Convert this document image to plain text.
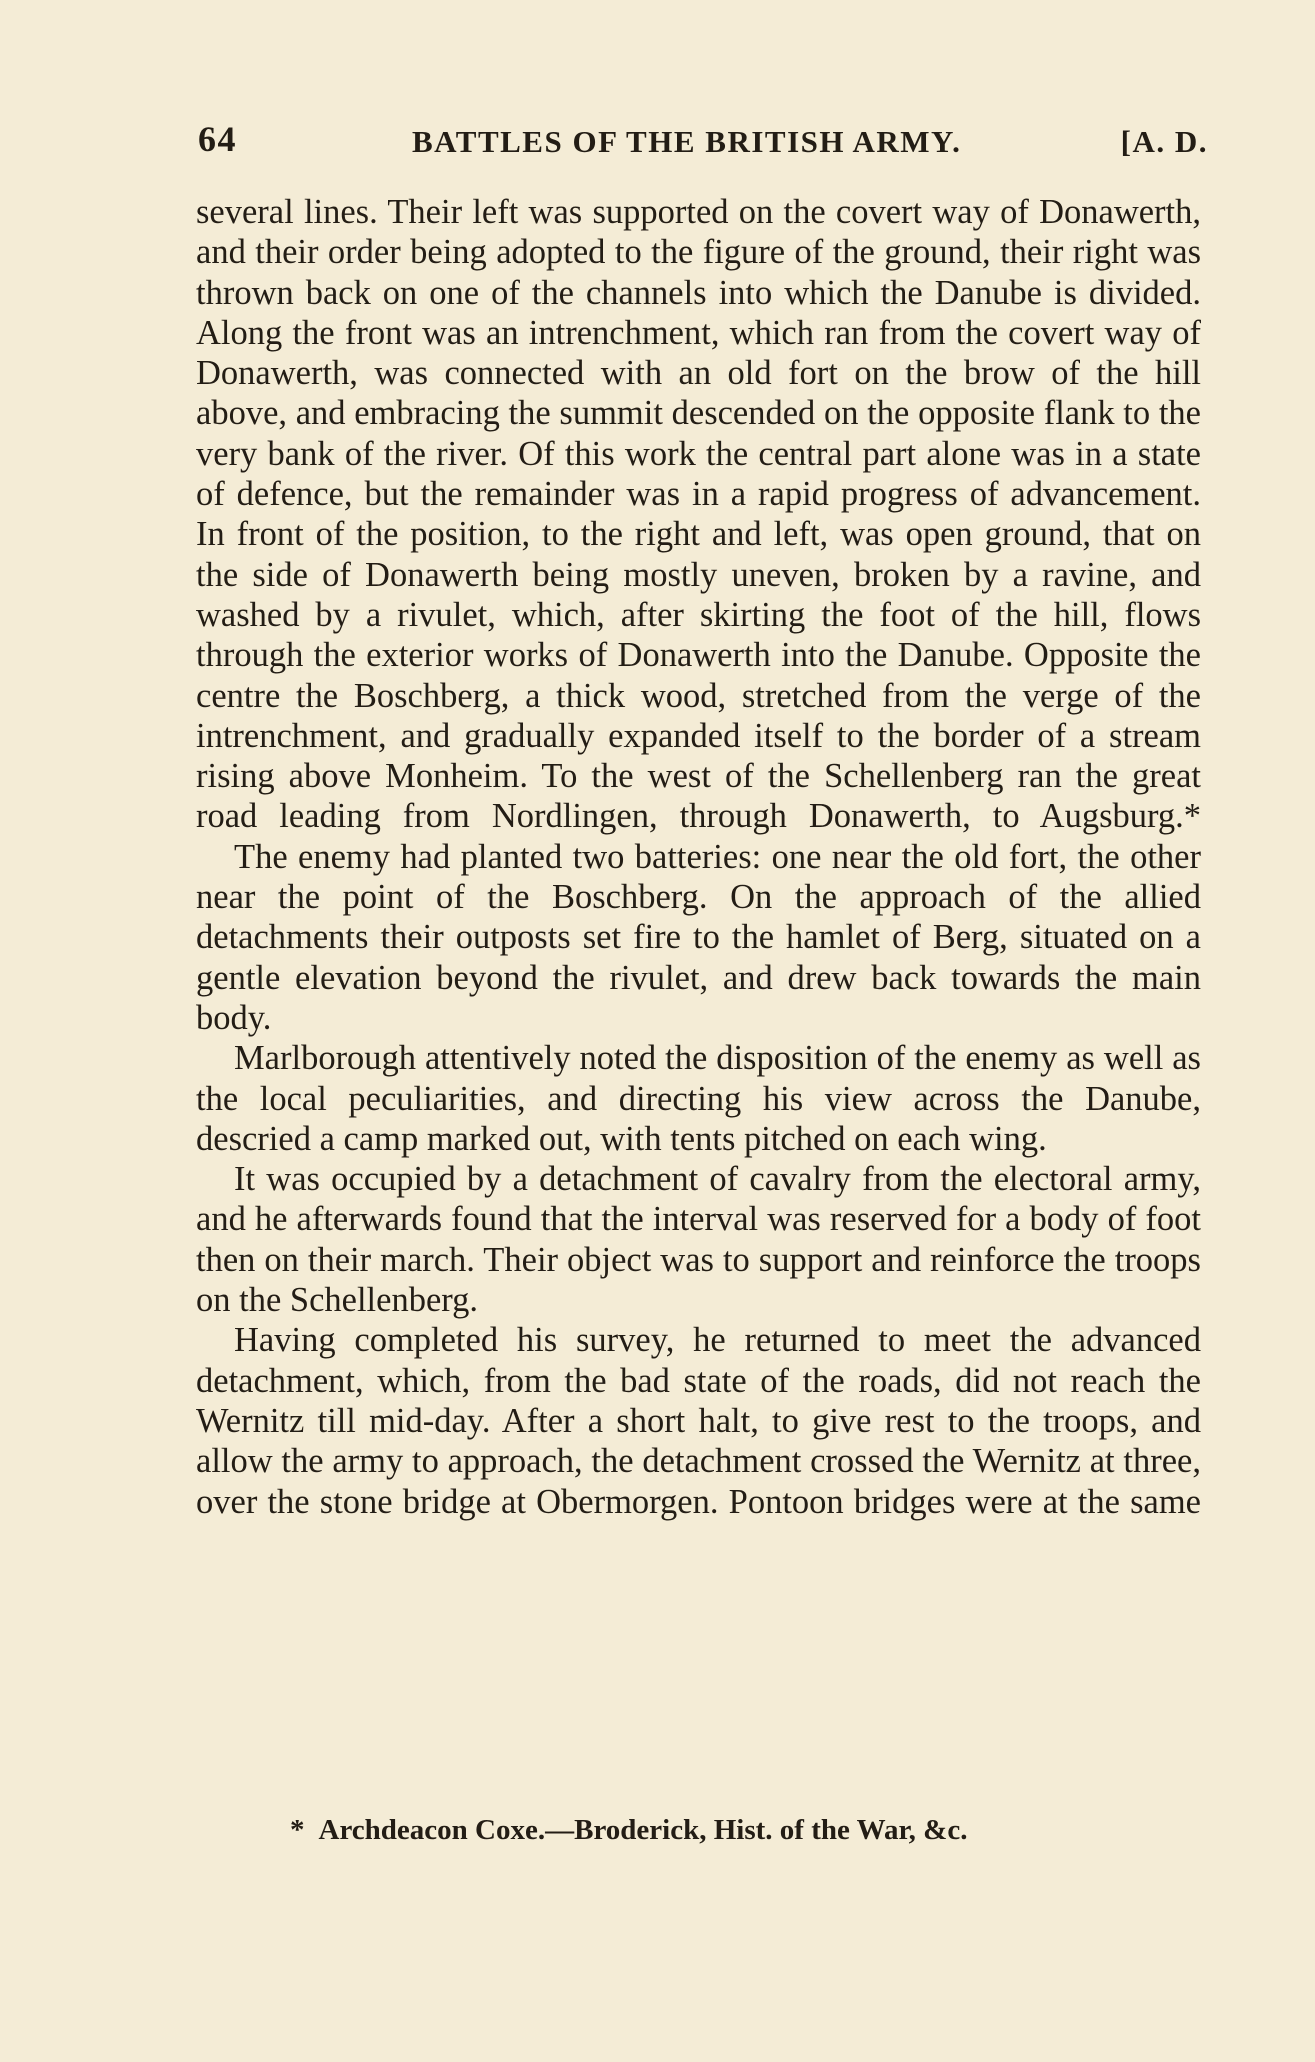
64	BATTLES OF THE BRITISH ARMY.	[A. D.

several lines. Their left was supported on the covert way of Donawerth, and their order being adopted to the figure of the ground, their right was thrown back on one of the channels into which the Danube is divided. Along the front was an intrenchment, which ran from the covert way of Donawerth, was connected with an old fort on the brow of the hill above, and embracing the summit descended on the opposite flank to the very bank of the river. Of this work the central part alone was in a state of defence, but the remainder was in a rapid progress of advancement. In front of the position, to the right and left, was open ground, that on the side of Donawerth being mostly uneven, broken by a ravine, and washed by a rivulet, which, after skirting the foot of the hill, flows through the exterior works of Donawerth into the Danube. Opposite the centre the Boschberg, a thick wood, stretched from the verge of the intrenchment, and gradually expanded itself to the border of a stream rising above Monheim. To the west of the Schellenberg ran the great road leading from Nordlingen, through Donawerth, to Augsburg.*

The enemy had planted two batteries: one near the old fort, the other near the point of the Boschberg. On the approach of the allied detachments their outposts set fire to the hamlet of Berg, situated on a gentle elevation beyond the rivulet, and drew back towards the main body.

Marlborough attentively noted the disposition of the enemy as well as the local peculiarities, and directing his view across the Danube, descried a camp marked out, with tents pitched on each wing.

It was occupied by a detachment of cavalry from the electoral army, and he afterwards found that the interval was reserved for a body of foot then on their march. Their object was to support and reinforce the troops on the Schellenberg.

Having completed his survey, he returned to meet the advanced detachment, which, from the bad state of the roads, did not reach the Wernitz till mid-day. After a short halt, to give rest to the troops, and allow the army to approach, the detachment crossed the Wernitz at three, over the stone bridge at Obermorgen. Pontoon bridges were at the same

* Archdeacon Coxe.—Broderick, Hist. of the War, &c.
